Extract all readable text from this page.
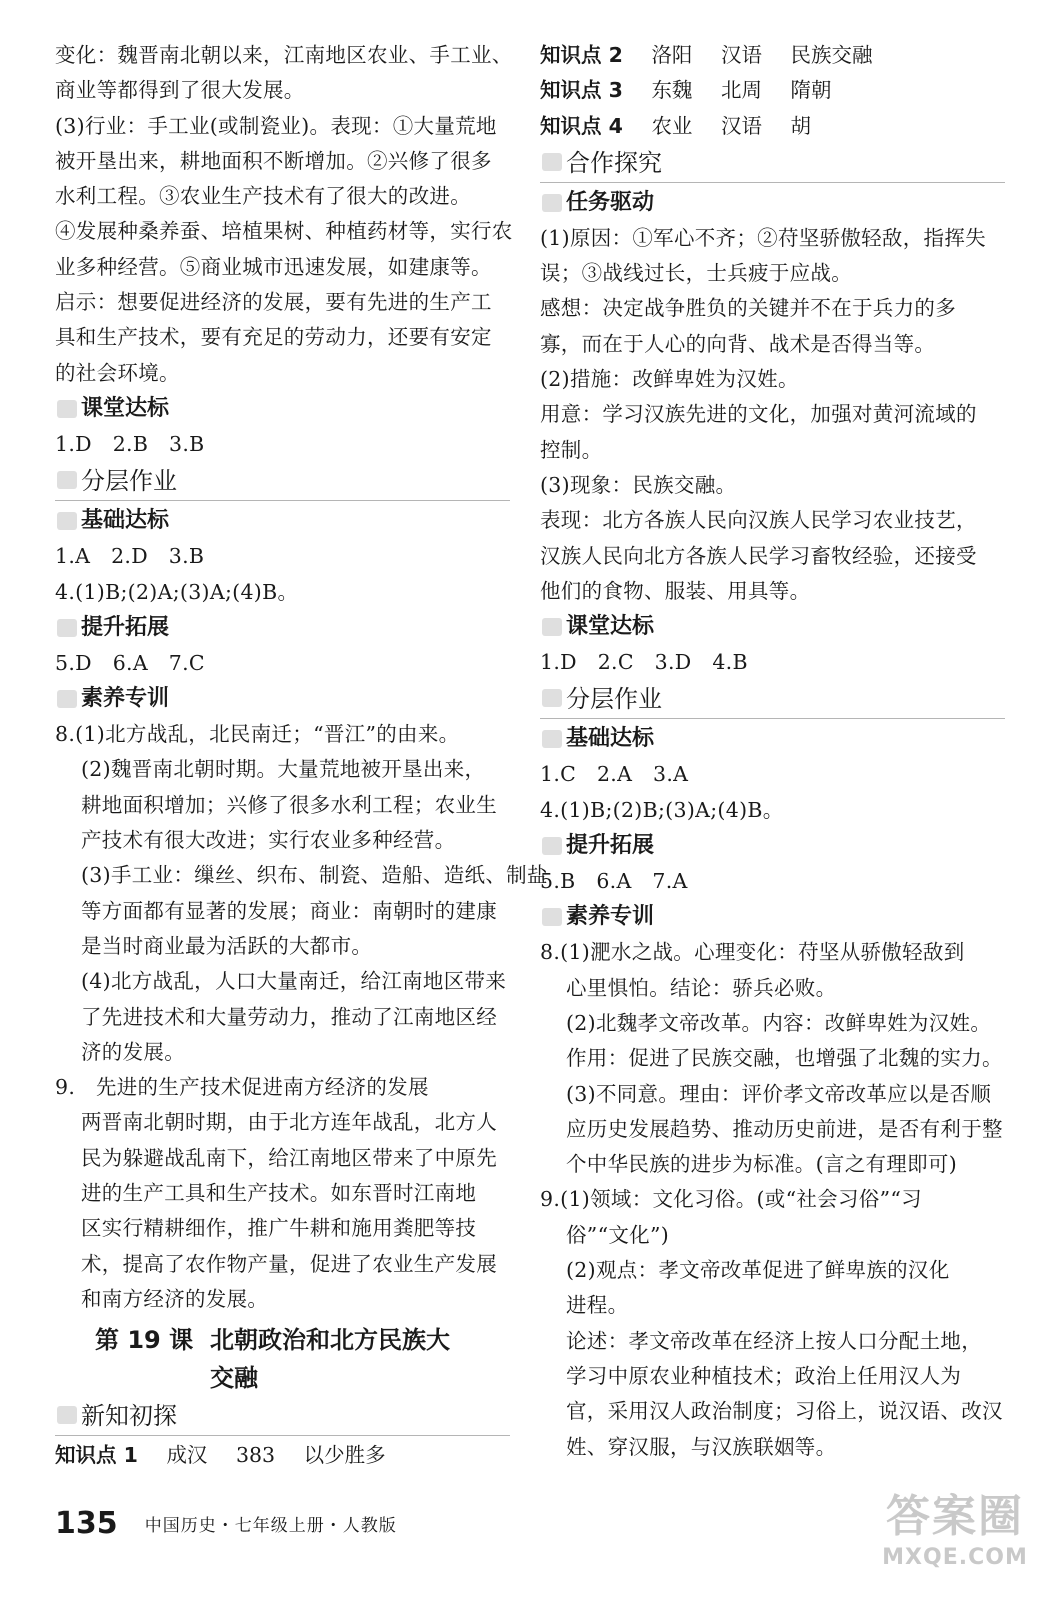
变化：魏晋南北朝以来，江南地区农业、手工业、
商业等都得到了很大发展。
(3)行业：手工业(或制瓷业)。表现：①大量荒地
被开垦出来，耕地面积不断增加。②兴修了很多
水利工程。③农业生产技术有了很大的改进。
④发展种桑养蚕、培植果树、种植药材等，实行农
业多种经营。⑤商业城市迅速发展，如建康等。
启示：想要促进经济的发展，要有先进的生产工
具和生产技术，要有充足的劳动力，还要有安定
的社会环境。
课堂达标
1.D　2.B　3.B
分层作业
基础达标
1.A　2.D　3.B
4.(1)B;(2)A;(3)A;(4)B。
提升拓展
5.D　6.A　7.C
素养专训
8.(1)北方战乱，北民南迁；“晋江”的由来。
(2)魏晋南北朝时期。大量荒地被开垦出来，
耕地面积增加；兴修了很多水利工程；农业生
产技术有很大改进；实行农业多种经营。
(3)手工业：缫丝、织布、制瓷、造船、造纸、制盐
等方面都有显著的发展；商业：南朝时的建康
是当时商业最为活跃的大都市。
(4)北方战乱，人口大量南迁，给江南地区带来
了先进技术和大量劳动力，推动了江南地区经
济的发展。
9.　先进的生产技术促进南方经济的发展
两晋南北朝时期，由于北方连年战乱，北方人
民为躲避战乱南下，给江南地区带来了中原先
进的生产工具和生产技术。如东晋时江南地
区实行精耕细作，推广牛耕和施用粪肥等技
术，提高了农作物产量，促进了农业生产发展
和南方经济的发展。
第 19 课 北朝政治和北方民族大
交融
新知初探
知识点 1 成汉 383 以少胜多
知识点 2 洛阳 汉语 民族交融
知识点 3 东魏 北周 隋朝
知识点 4 农业 汉语 胡
合作探究
任务驱动
(1)原因：①军心不齐；②苻坚骄傲轻敌，指挥失
误；③战线过长，士兵疲于应战。
感想：决定战争胜负的关键并不在于兵力的多
寡，而在于人心的向背、战术是否得当等。
(2)措施：改鲜卑姓为汉姓。
用意：学习汉族先进的文化，加强对黄河流域的
控制。
(3)现象：民族交融。
表现：北方各族人民向汉族人民学习农业技艺，
汉族人民向北方各族人民学习畜牧经验，还接受
他们的食物、服装、用具等。
课堂达标
1.D　2.C　3.D　4.B
分层作业
基础达标
1.C　2.A　3.A
4.(1)B;(2)B;(3)A;(4)B。
提升拓展
5.B　6.A　7.A
素养专训
8.(1)淝水之战。心理变化：苻坚从骄傲轻敌到
心里惧怕。结论：骄兵必败。
(2)北魏孝文帝改革。内容：改鲜卑姓为汉姓。
作用：促进了民族交融，也增强了北魏的实力。
(3)不同意。理由：评价孝文帝改革应以是否顺
应历史发展趋势、推动历史前进，是否有利于整
个中华民族的进步为标准。(言之有理即可)
9.(1)领域：文化习俗。(或“社会习俗”“习
俗”“文化”)
(2)观点：孝文帝改革促进了鲜卑族的汉化
进程。
论述：孝文帝改革在经济上按人口分配土地，
学习中原农业种植技术；政治上任用汉人为
官，采用汉人政治制度；习俗上，说汉语、改汉
姓、穿汉服，与汉族联姻等。
135 中国历史・七年级上册・人教版	答案圈
MXQE.COM
